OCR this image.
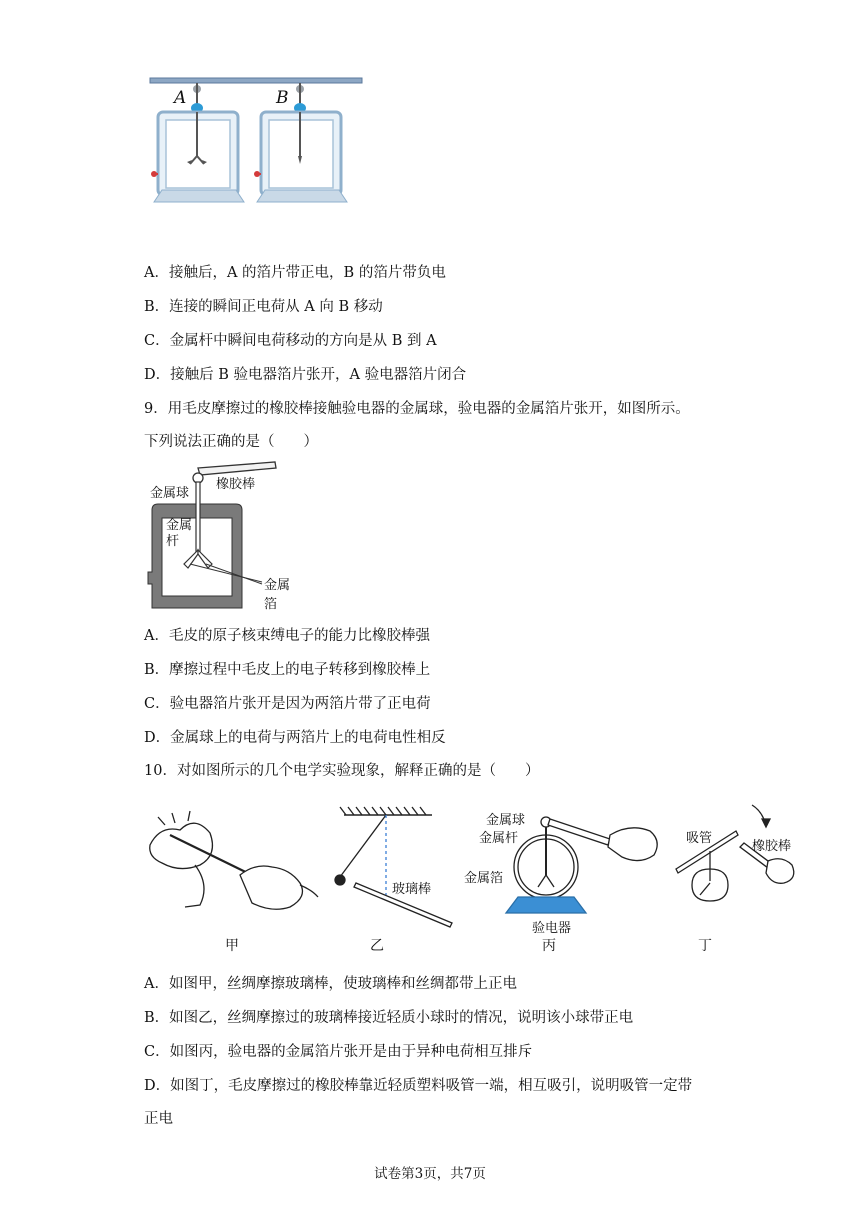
A	B
A．接触后，A 的箔片带正电，B 的箔片带负电
B．连接的瞬间正电荷从 A 向 B 移动
C．金属杆中瞬间电荷移动的方向是从 B 到 A
D．接触后 B 验电器箔片张开，A 验电器箔片闭合
9．用毛皮摩擦过的橡胶棒接触验电器的金属球，验电器的金属箔片张开，如图所示。
下列说法正确的是（　　）
金属球
橡胶棒
金属
杆
金属箔
A．毛皮的原子核束缚电子的能力比橡胶棒强
B．摩擦过程中毛皮上的电子转移到橡胶棒上
C．验电器箔片张开是因为两箔片带了正电荷
D．金属球上的电荷与两箔片上的电荷电性相反
10．对如图所示的几个电学实验现象，解释正确的是（　　）
玻璃棒
金属球
金属杆
金属箔
验电器
吸管
橡胶棒
甲	乙	丙	丁
A．如图甲，丝绸摩擦玻璃棒，使玻璃棒和丝绸都带上正电
B．如图乙，丝绸摩擦过的玻璃棒接近轻质小球时的情况，说明该小球带正电
C．如图丙，验电器的金属箔片张开是由于异种电荷相互排斥
D．如图丁，毛皮摩擦过的橡胶棒靠近轻质塑料吸管一端，相互吸引，说明吸管一定带
正电
试卷第3页，共7页
